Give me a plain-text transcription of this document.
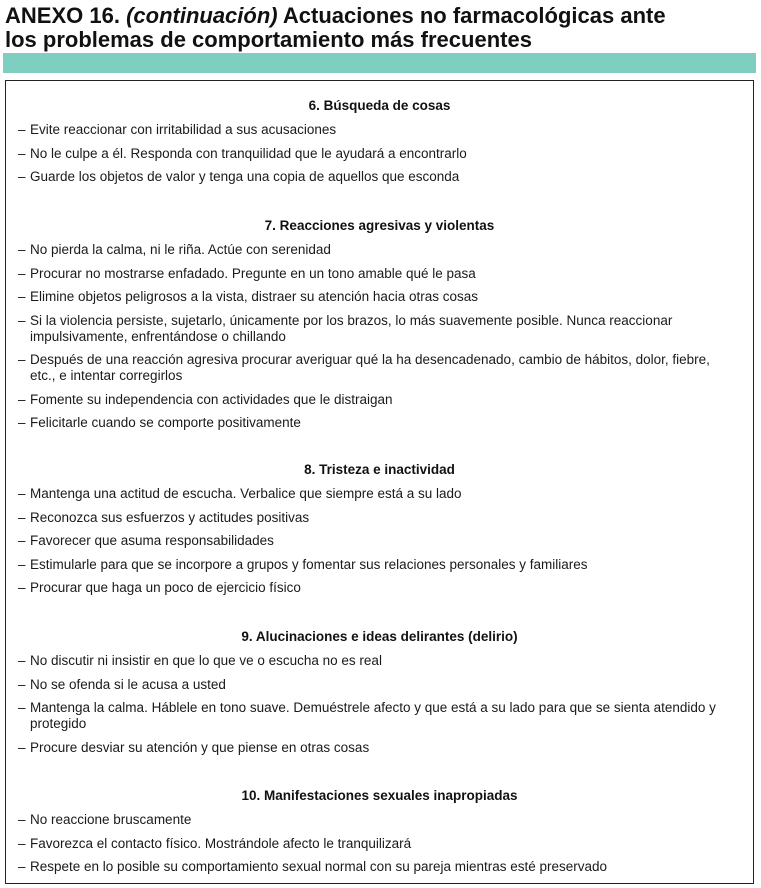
ANEXO 16. (continuación) Actuaciones no farmacológicas ante
los problemas de comportamiento más frecuentes
6. Búsqueda de cosas
– Evite reaccionar con irritabilidad a sus acusaciones
– No le culpe a él. Responda con tranquilidad que le ayudará a encontrarlo
– Guarde los objetos de valor y tenga una copia de aquellos que esconda
7. Reacciones agresivas y violentas
– No pierda la calma, ni le riña. Actúe con serenidad
– Procurar no mostrarse enfadado. Pregunte en un tono amable qué le pasa
– Elimine objetos peligrosos a la vista, distraer su atención hacia otras cosas
– Si la violencia persiste, sujetarlo, únicamente por los brazos, lo más suavemente posible. Nunca reaccionar impulsivamente, enfrentándose o chillando
– Después de una reacción agresiva procurar averiguar qué la ha desencadenado, cambio de hábitos, dolor, fiebre, etc., e intentar corregirlos
– Fomente su independencia con actividades que le distraigan
– Felicitarle cuando se comporte positivamente
8. Tristeza e inactividad
– Mantenga una actitud de escucha. Verbalice que siempre está a su lado
– Reconozca sus esfuerzos y actitudes positivas
– Favorecer que asuma responsabilidades
– Estimularle para que se incorpore a grupos y fomentar sus relaciones personales y familiares
– Procurar que haga un poco de ejercicio físico
9. Alucinaciones e ideas delirantes (delirio)
– No discutir ni insistir en que lo que ve o escucha no es real
– No se ofenda si le acusa a usted
– Mantenga la calma. Háblele en tono suave. Demuéstrele afecto y que está a su lado para que se sienta atendido y protegido
– Procure desviar su atención y que piense en otras cosas
10. Manifestaciones sexuales inapropiadas
– No reaccione bruscamente
– Favorezca el contacto físico. Mostrándole afecto le tranquilizará
– Respete en lo posible su comportamiento sexual normal con su pareja mientras esté preservado
